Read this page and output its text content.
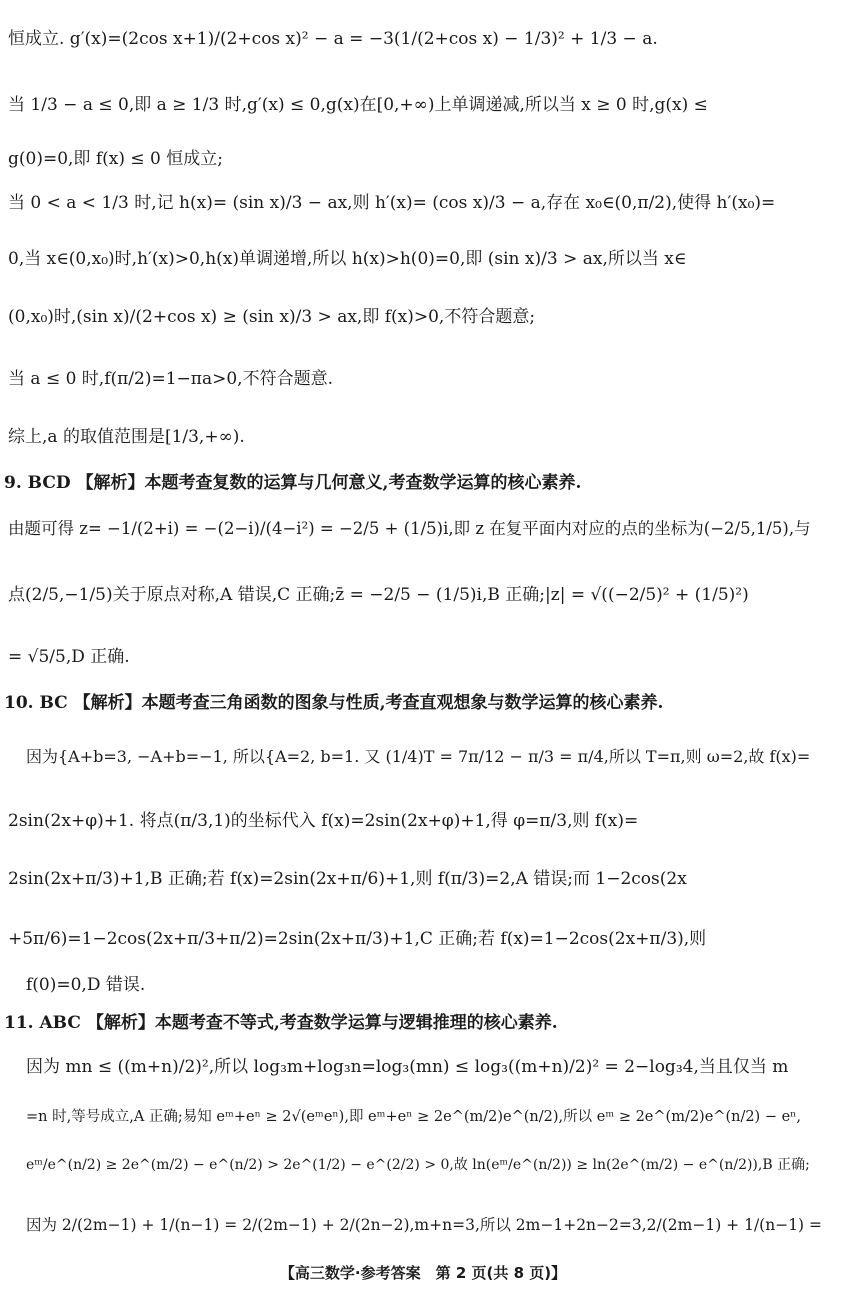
恒成立. g′(x)=(2cos x+1)/(2+cos x)² − a = −3(1/(2+cos x) − 1/3)² + 1/3 − a.
当 1/3 − a ≤ 0,即 a ≥ 1/3 时,g′(x) ≤ 0,g(x)在[0,+∞)上单调递减,所以当 x ≥ 0 时,g(x) ≤
g(0)=0,即 f(x) ≤ 0 恒成立;
当 0 < a < 1/3 时,记 h(x)= (sin x)/3 − ax,则 h′(x)= (cos x)/3 − a,存在 x₀∈(0,π/2),使得 h′(x₀)=
0,当 x∈(0,x₀)时,h′(x)>0,h(x)单调递增,所以 h(x)>h(0)=0,即 (sin x)/3 > ax,所以当 x∈
(0,x₀)时,(sin x)/(2+cos x) ≥ (sin x)/3 > ax,即 f(x)>0,不符合题意;
当 a ≤ 0 时,f(π/2)=1−πa>0,不符合题意.
综上,a 的取值范围是[1/3,+∞).
9. BCD 【解析】本题考查复数的运算与几何意义,考查数学运算的核心素养.
由题可得 z= −1/(2+i) = −(2−i)/(4−i²) = −2/5 + (1/5)i,即 z 在复平面内对应的点的坐标为(−2/5,1/5),与
点(2/5,−1/5)关于原点对称,A 错误,C 正确;z̄ = −2/5 − (1/5)i,B 正确;|z| = √((−2/5)² + (1/5)²)
= √5/5,D 正确.
10. BC 【解析】本题考查三角函数的图象与性质,考查直观想象与数学运算的核心素养.
因为{A+b=3, −A+b=−1, 所以{A=2, b=1. 又 (1/4)T = 7π/12 − π/3 = π/4,所以 T=π,则 ω=2,故 f(x)=
2sin(2x+φ)+1. 将点(π/3,1)的坐标代入 f(x)=2sin(2x+φ)+1,得 φ=π/3,则 f(x)=
2sin(2x+π/3)+1,B 正确;若 f(x)=2sin(2x+π/6)+1,则 f(π/3)=2,A 错误;而 1−2cos(2x
+5π/6)=1−2cos(2x+π/3+π/2)=2sin(2x+π/3)+1,C 正确;若 f(x)=1−2cos(2x+π/3),则
f(0)=0,D 错误.
11. ABC 【解析】本题考查不等式,考查数学运算与逻辑推理的核心素养.
因为 mn ≤ ((m+n)/2)²,所以 log₃m+log₃n=log₃(mn) ≤ log₃((m+n)/2)² = 2−log₃4,当且仅当 m
=n 时,等号成立,A 正确;易知 eᵐ+eⁿ ≥ 2√(eᵐeⁿ),即 eᵐ+eⁿ ≥ 2e^(m/2)e^(n/2),所以 eᵐ ≥ 2e^(m/2)e^(n/2) − eⁿ,
eᵐ/e^(n/2) ≥ 2e^(m/2) − e^(n/2) > 2e^(1/2) − e^(2/2) > 0,故 ln(eᵐ/e^(n/2)) ≥ ln(2e^(m/2) − e^(n/2)),B 正确;
因为 2/(2m−1) + 1/(n−1) = 2/(2m−1) + 2/(2n−2),m+n=3,所以 2m−1+2n−2=3,2/(2m−1) + 1/(n−1) =
【高三数学·参考答案　第 2 页(共 8 页)】
